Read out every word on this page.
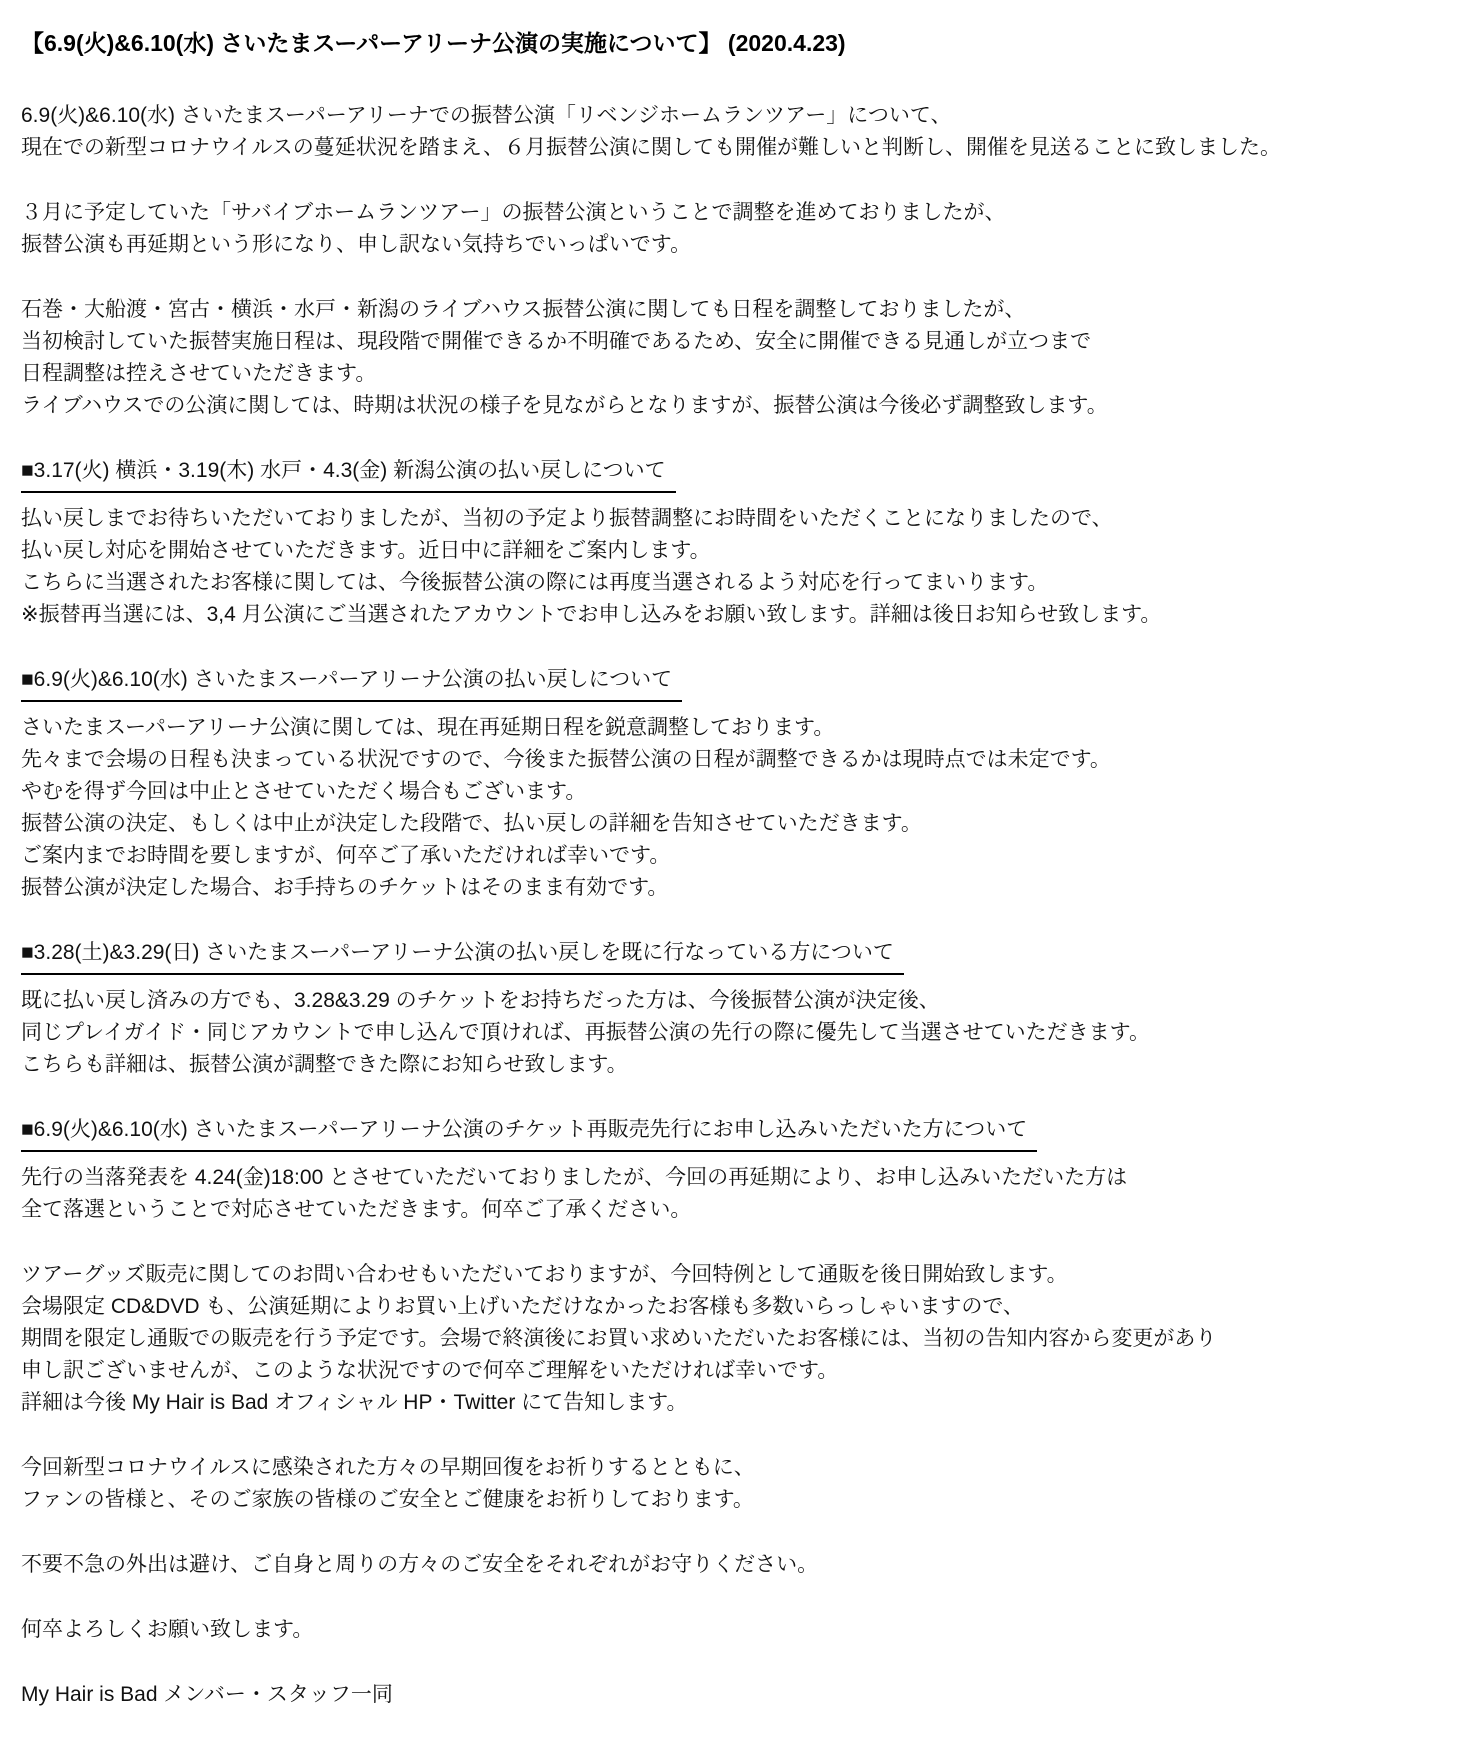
【6.9(火)&6.10(水) さいたまスーパーアリーナ公演の実施について】 (2020.4.23)
6.9(火)&6.10(水) さいたまスーパーアリーナでの振替公演「リベンジホームランツアー」について、
現在での新型コロナウイルスの蔓延状況を踏まえ、６月振替公演に関しても開催が難しいと判断し、開催を見送ることに致しました。
３月に予定していた「サバイブホームランツアー」の振替公演ということで調整を進めておりましたが、
振替公演も再延期という形になり、申し訳ない気持ちでいっぱいです。
石巻・大船渡・宮古・横浜・水戸・新潟のライブハウス振替公演に関しても日程を調整しておりましたが、
当初検討していた振替実施日程は、現段階で開催できるか不明確であるため、安全に開催できる見通しが立つまで
日程調整は控えさせていただきます。
ライブハウスでの公演に関しては、時期は状況の様子を見ながらとなりますが、振替公演は今後必ず調整致します。
■3.17(火) 横浜・3.19(木) 水戸・4.3(金) 新潟公演の払い戻しについて
払い戻しまでお待ちいただいておりましたが、当初の予定より振替調整にお時間をいただくことになりましたので、
払い戻し対応を開始させていただきます。近日中に詳細をご案内します。
こちらに当選されたお客様に関しては、今後振替公演の際には再度当選されるよう対応を行ってまいります。
※振替再当選には、3,4 月公演にご当選されたアカウントでお申し込みをお願い致します。詳細は後日お知らせ致します。
■6.9(火)&6.10(水) さいたまスーパーアリーナ公演の払い戻しについて
さいたまスーパーアリーナ公演に関しては、現在再延期日程を鋭意調整しております。
先々まで会場の日程も決まっている状況ですので、今後また振替公演の日程が調整できるかは現時点では未定です。
やむを得ず今回は中止とさせていただく場合もございます。
振替公演の決定、もしくは中止が決定した段階で、払い戻しの詳細を告知させていただきます。
ご案内までお時間を要しますが、何卒ご了承いただければ幸いです。
振替公演が決定した場合、お手持ちのチケットはそのまま有効です。
■3.28(土)&3.29(日) さいたまスーパーアリーナ公演の払い戻しを既に行なっている方について
既に払い戻し済みの方でも、3.28&3.29 のチケットをお持ちだった方は、今後振替公演が決定後、
同じプレイガイド・同じアカウントで申し込んで頂ければ、再振替公演の先行の際に優先して当選させていただきます。
こちらも詳細は、振替公演が調整できた際にお知らせ致します。
■6.9(火)&6.10(水) さいたまスーパーアリーナ公演のチケット再販売先行にお申し込みいただいた方について
先行の当落発表を 4.24(金)18:00 とさせていただいておりましたが、今回の再延期により、お申し込みいただいた方は
全て落選ということで対応させていただきます。何卒ご了承ください。
ツアーグッズ販売に関してのお問い合わせもいただいておりますが、今回特例として通販を後日開始致します。
会場限定 CD&DVD も、公演延期によりお買い上げいただけなかったお客様も多数いらっしゃいますので、
期間を限定し通販での販売を行う予定です。会場で終演後にお買い求めいただいたお客様には、当初の告知内容から変更があり
申し訳ございませんが、このような状況ですので何卒ご理解をいただければ幸いです。
詳細は今後 My Hair is Bad オフィシャル HP・Twitter にて告知します。
今回新型コロナウイルスに感染された方々の早期回復をお祈りするとともに、
ファンの皆様と、そのご家族の皆様のご安全とご健康をお祈りしております。
不要不急の外出は避け、ご自身と周りの方々のご安全をそれぞれがお守りください。
何卒よろしくお願い致します。
My Hair is Bad メンバー・スタッフ一同
